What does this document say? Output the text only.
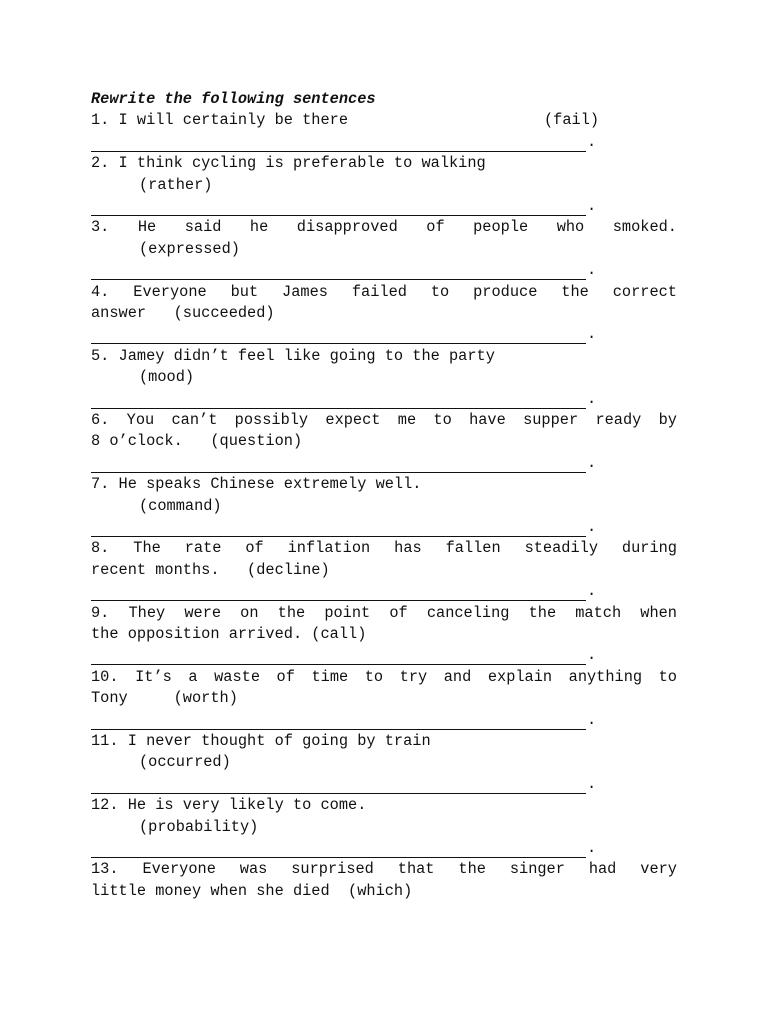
Rewrite the following sentences
1. I will certainly be there	(fail)
.
2. I think cycling is preferable to walking
(rather)
.
3. He said he disapproved of people who smoked.
(expressed)
.
4. Everyone but James failed to produce the correct
answer   (succeeded)
.
5. Jamey didn’t feel like going to the party
(mood)
.
6. You can’t possibly expect me to have supper ready by
8 o’clock.   (question)
.
7. He speaks Chinese extremely well.
(command)
.
8. The rate of inflation has fallen steadily during
recent months.   (decline)
.
9. They were on the point of canceling the match when
the opposition arrived. (call)
.
10. It’s a waste of time to try and explain anything to
Tony     (worth)
.
11. I never thought of going by train
(occurred)
.
12. He is very likely to come.
(probability)
.
13. Everyone was surprised that the singer had very
little money when she died  (which)
